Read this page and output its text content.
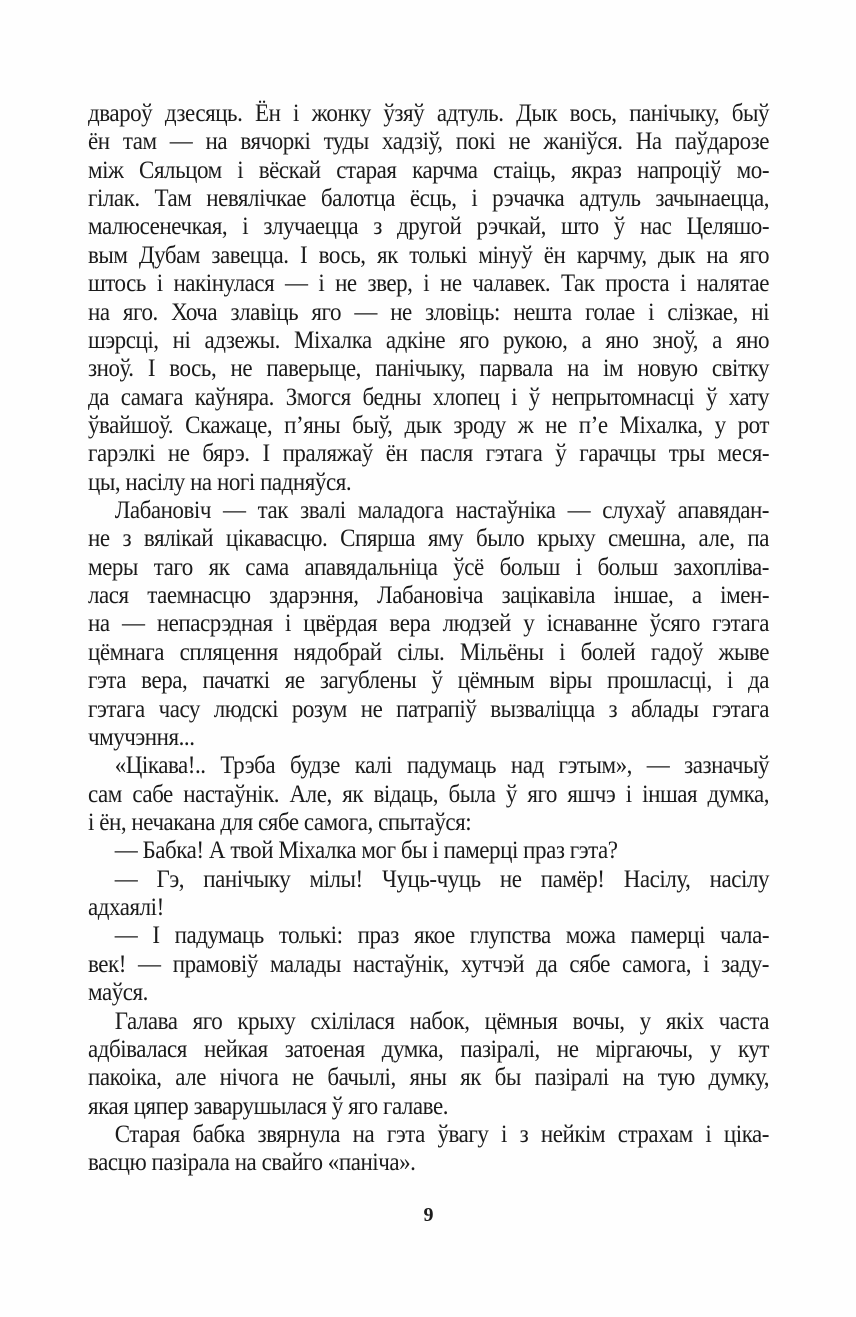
двароў дзесяць. Ён і жонку ўзяў адтуль. Дык вось, панічыку, быў
ён там — на вячоркі туды хадзіў, покі не жаніўся. На паўдарозе
між Сяльцом і вёскай старая карчма стаіць, якраз напроціў мо-
гілак. Там невялічкае балотца ёсць, і рэчачка адтуль зачынаецца,
малюсенечкая, і злучаецца з другой рэчкай, што ў нас Целяшо-
вым Дубам завецца. І вось, як толькі мінуў ён карчму, дык на яго
штось і накінулася — і не звер, і не чалавек. Так проста і налятае
на яго. Хоча злавіць яго — не зловіць: нешта голае і слізкае, ні
шэрсці, ні адзежы. Міхалка адкіне яго рукою, а яно зноў, а яно
зноў. І вось, не паверыце, панічыку, парвала на ім новую світку
да самага каўняра. Змогся бедны хлопец і ў непрытомнасці ў хату
ўвайшоў. Скажаце, п’яны быў, дык зроду ж не п’е Міхалка, у рот
гарэлкі не бярэ. І праляжаў ён пасля гэтага ў гарачцы тры меся-
цы, насілу на ногі падняўся.
Лабановіч — так звалі маладога настаўніка — слухаў апавядан-
не з вялікай цікавасцю. Спярша яму было крыху смешна, але, па
меры таго як сама апавядальніца ўсё больш і больш захопліва-
лася таемнасцю здарэння, Лабановіча зацікавіла іншае, а імен-
на — непасрэдная і цвёрдая вера людзей у існаванне ўсяго гэтага
цёмнага спляцення нядобрай сілы. Мільёны і болей гадоў жыве
гэта вера, пачаткі яе загублены ў цёмным віры прошласці, і да
гэтага часу людскі розум не патрапіў вызваліцца з аблады гэтага
чмучэння...
«Цікава!.. Трэба будзе калі падумаць над гэтым», — зазначыў
сам сабе настаўнік. Але, як відаць, была ў яго яшчэ і іншая думка,
і ён, нечакана для сябе самога, спытаўся:
— Бабка! А твой Міхалка мог бы і памерці праз гэта?
— Гэ, панічыку мілы! Чуць-чуць не памёр! Насілу, насілу
адхаялі!
— І падумаць толькі: праз якое глупства можа памерці чала-
век! — прамовіў малады настаўнік, хутчэй да сябе самога, і заду-
маўся.
Галава яго крыху схілілася набок, цёмныя вочы, у якіх часта
адбівалася нейкая затоеная думка, пазіралі, не міргаючы, у кут
пакоіка, але нічога не бачылі, яны як бы пазіралі на тую думку,
якая цяпер заварушылася ў яго галаве.
Старая бабка звярнула на гэта ўвагу і з нейкім страхам і ціка-
васцю пазірала на свайго «паніча».
9
